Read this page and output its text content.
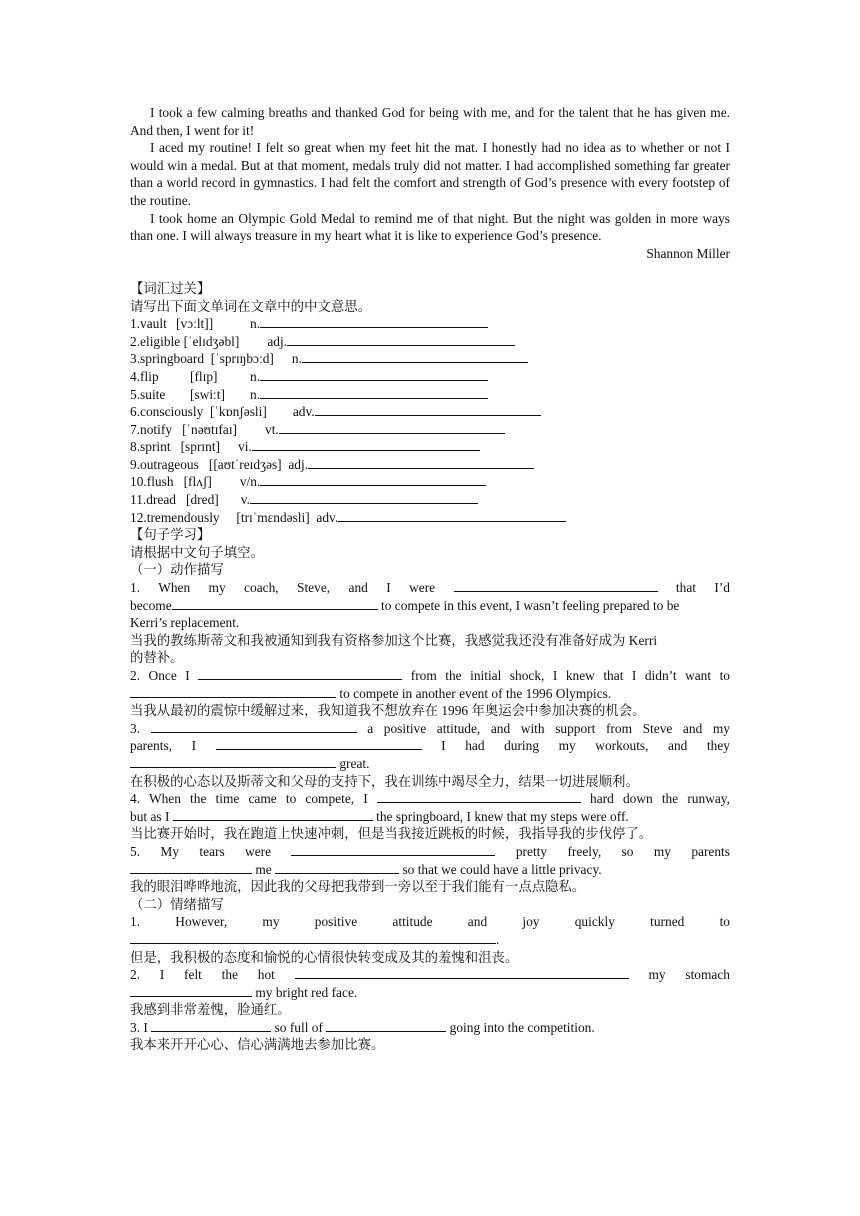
I took a few calming breaths and thanked God for being with me, and for the talent that he has given me. And then, I went for it!

I aced my routine! I felt so great when my feet hit the mat. I honestly had no idea as to whether or not I would win a medal. But at that moment, medals truly did not matter. I had accomplished something far greater than a world record in gymnastics. I had felt the comfort and strength of God’s presence with every footstep of the routine.

I took home an Olympic Gold Medal to remind me of that night. But the night was golden in more ways than one. I will always treasure in my heart what it is like to experience God’s presence.

Shannon Miller

【词汇过关】

请写出下面文单词在文章中的中文意思。

1.vault [vɔːlt]]	n.
2.eligible [ˈelɪdʒəbl] adj.
3.springboard [ˈsprɪŋbɔːd] n.
4.flip [flɪp] n.
5.suite [swiːt] n.
6.consciously [ˈkɒnʃəsli] adv.
7.notify [ˈnəʊtɪfaɪ] vt.
8.sprint [sprɪnt] vi.
9.outrageous [[aʊtˈreɪdʒəs] adj.
10.flush [flʌʃ] v/n.
11.dread [dred] v.
12.tremendously [trɪˈmɛndəsli] adv.

【句子学习】

请根据中文句子填空。

（一）动作描写

1. When my coach, Steve, and I were	that I’d
become	to compete in this event, I wasn’t feeling prepared to be
Kerri’s replacement.
当我的教练斯蒂文和我被通知到我有资格参加这个比赛，我感觉我还没有准备好成为 Kerri
的替补。
2. Once I	from the initial shock, I knew that I didn’t want to
to compete in another event of the 1996 Olympics.
当我从最初的震惊中缓解过来，我知道我不想放弃在 1996 年奥运会中参加决赛的机会。
3.	a positive attitude, and with support from Steve and my
parents, I	I had during my workouts, and they
great.
在积极的心态以及斯蒂文和父母的支持下，我在训练中竭尽全力，结果一切进展顺利。
4. When the time came to compete, I	hard down the runway,
but as I	the springboard, I knew that my steps were off.
当比赛开始时，我在跑道上快速冲刺，但是当我接近跳板的时候，我指导我的步伐停了。
5. My tears were	pretty freely, so my parents
me	so that we could have a little privacy.
我的眼泪哗哗地流，因此我的父母把我带到一旁以至于我们能有一点点隐私。

（二）情绪描写

1. However, my positive attitude and joy quickly turned to
.
但是，我积极的态度和愉悦的心情很快转变成及其的羞愧和沮丧。
2. I felt the hot	my stomach
my bright red face.
我感到非常羞愧，脸通红。
3. I	so full of	going into the competition.
我本来开开心心、信心满满地去参加比赛。
